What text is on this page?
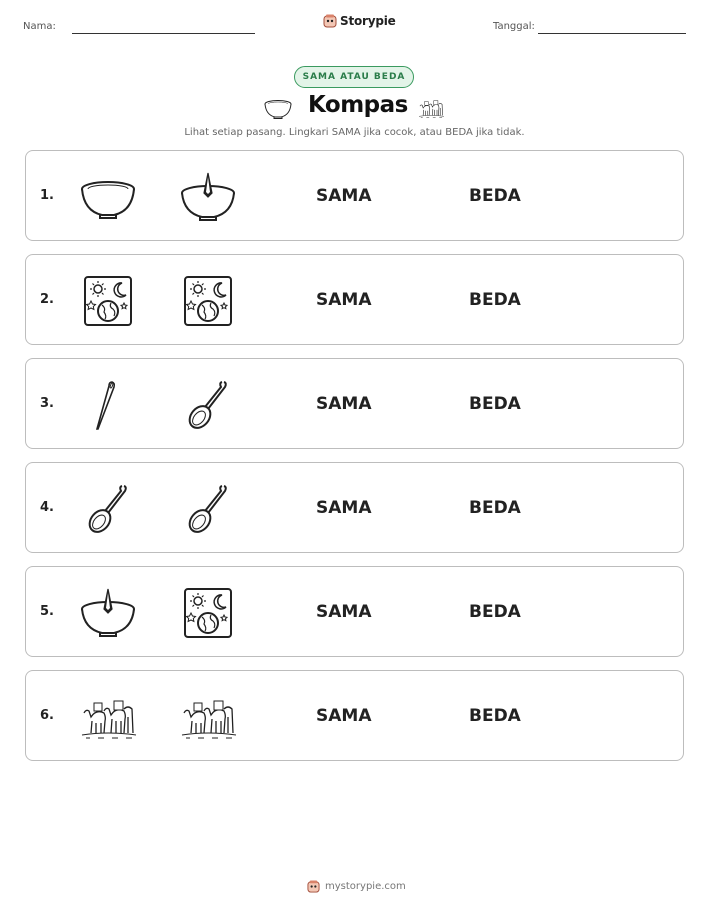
Nama:	Storypie	Tanggal:
SAMA ATAU BEDA
Kompas
Lihat setiap pasang. Lingkari SAMA jika cocok, atau BEDA jika tidak.
1.	SAMA	BEDA
2.	SAMA	BEDA
3.	SAMA	BEDA
4.	SAMA	BEDA
5.	SAMA	BEDA
6.	SAMA	BEDA
mystorypie.com
